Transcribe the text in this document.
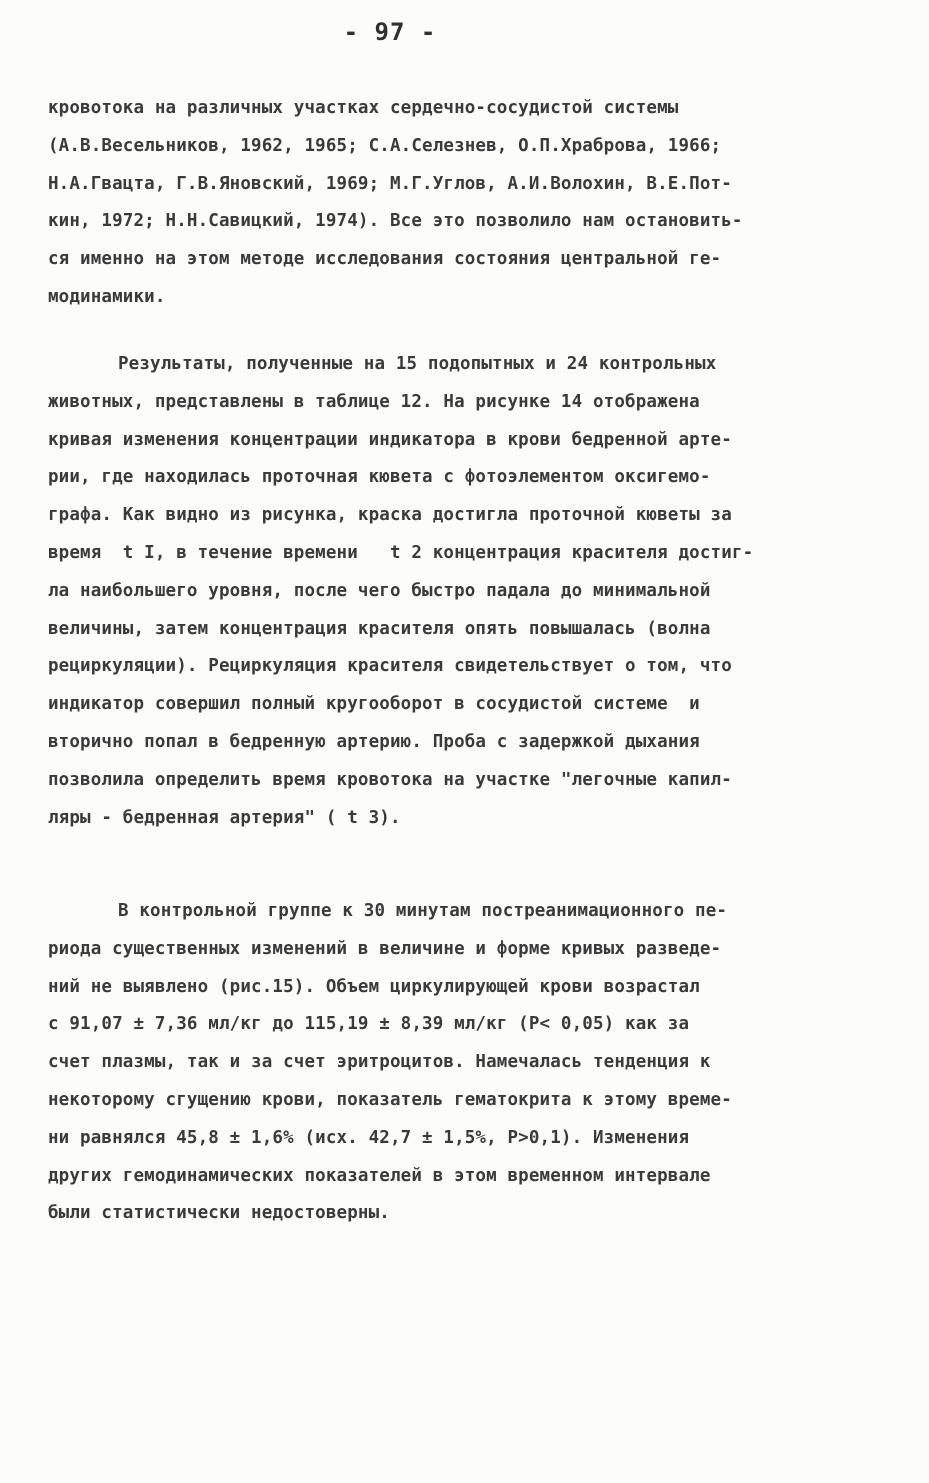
- 97 -
кровотока на различных участках сердечно-сосудистой системы
(А.В.Весельников, 1962, 1965; С.А.Селезнев, О.П.Храброва, 1966;
Н.А.Гвацта, Г.В.Яновский, 1969; М.Г.Углов, А.И.Волохин, В.Е.Пот-
кин, 1972; Н.Н.Савицкий, 1974). Все это позволило нам остановить-
ся именно на этом методе исследования состояния центральной ге-
модинамики.
Результаты, полученные на 15 подопытных и 24 контрольных
животных, представлены в таблице 12. На рисунке 14 отображена
кривая изменения концентрации индикатора в крови бедренной арте-
рии, где находилась проточная кювета с фотоэлементом оксигемо-
графа. Как видно из рисунка, краска достигла проточной кюветы за
время  t I, в течение времени   t 2 концентрация красителя достиг-
ла наибольшего уровня, после чего быстро падала до минимальной
величины, затем концентрация красителя опять повышалась (волна
рециркуляции). Рециркуляция красителя свидетельствует о том, что
индикатор совершил полный кругооборот в сосудистой системе  и
вторично попал в бедренную артерию. Проба с задержкой дыхания
позволила определить время кровотока на участке "легочные капил-
ляры - бедренная артерия" ( t 3).
В контрольной группе к 30 минутам постреанимационного пе-
риода существенных изменений в величине и форме кривых разведе-
ний не выявлено (рис.15). Объем циркулирующей крови возрастал
с 91,07 ± 7,36 мл/кг до 115,19 ± 8,39 мл/кг (Р< 0,05) как за
счет плазмы, так и за счет эритроцитов. Намечалась тенденция к
некоторому сгущению крови, показатель гематокрита к этому време-
ни равнялся 45,8 ± 1,6% (исх. 42,7 ± 1,5%, Р>0,1). Изменения
других гемодинамических показателей в этом временном интервале
были статистически недостоверны.
